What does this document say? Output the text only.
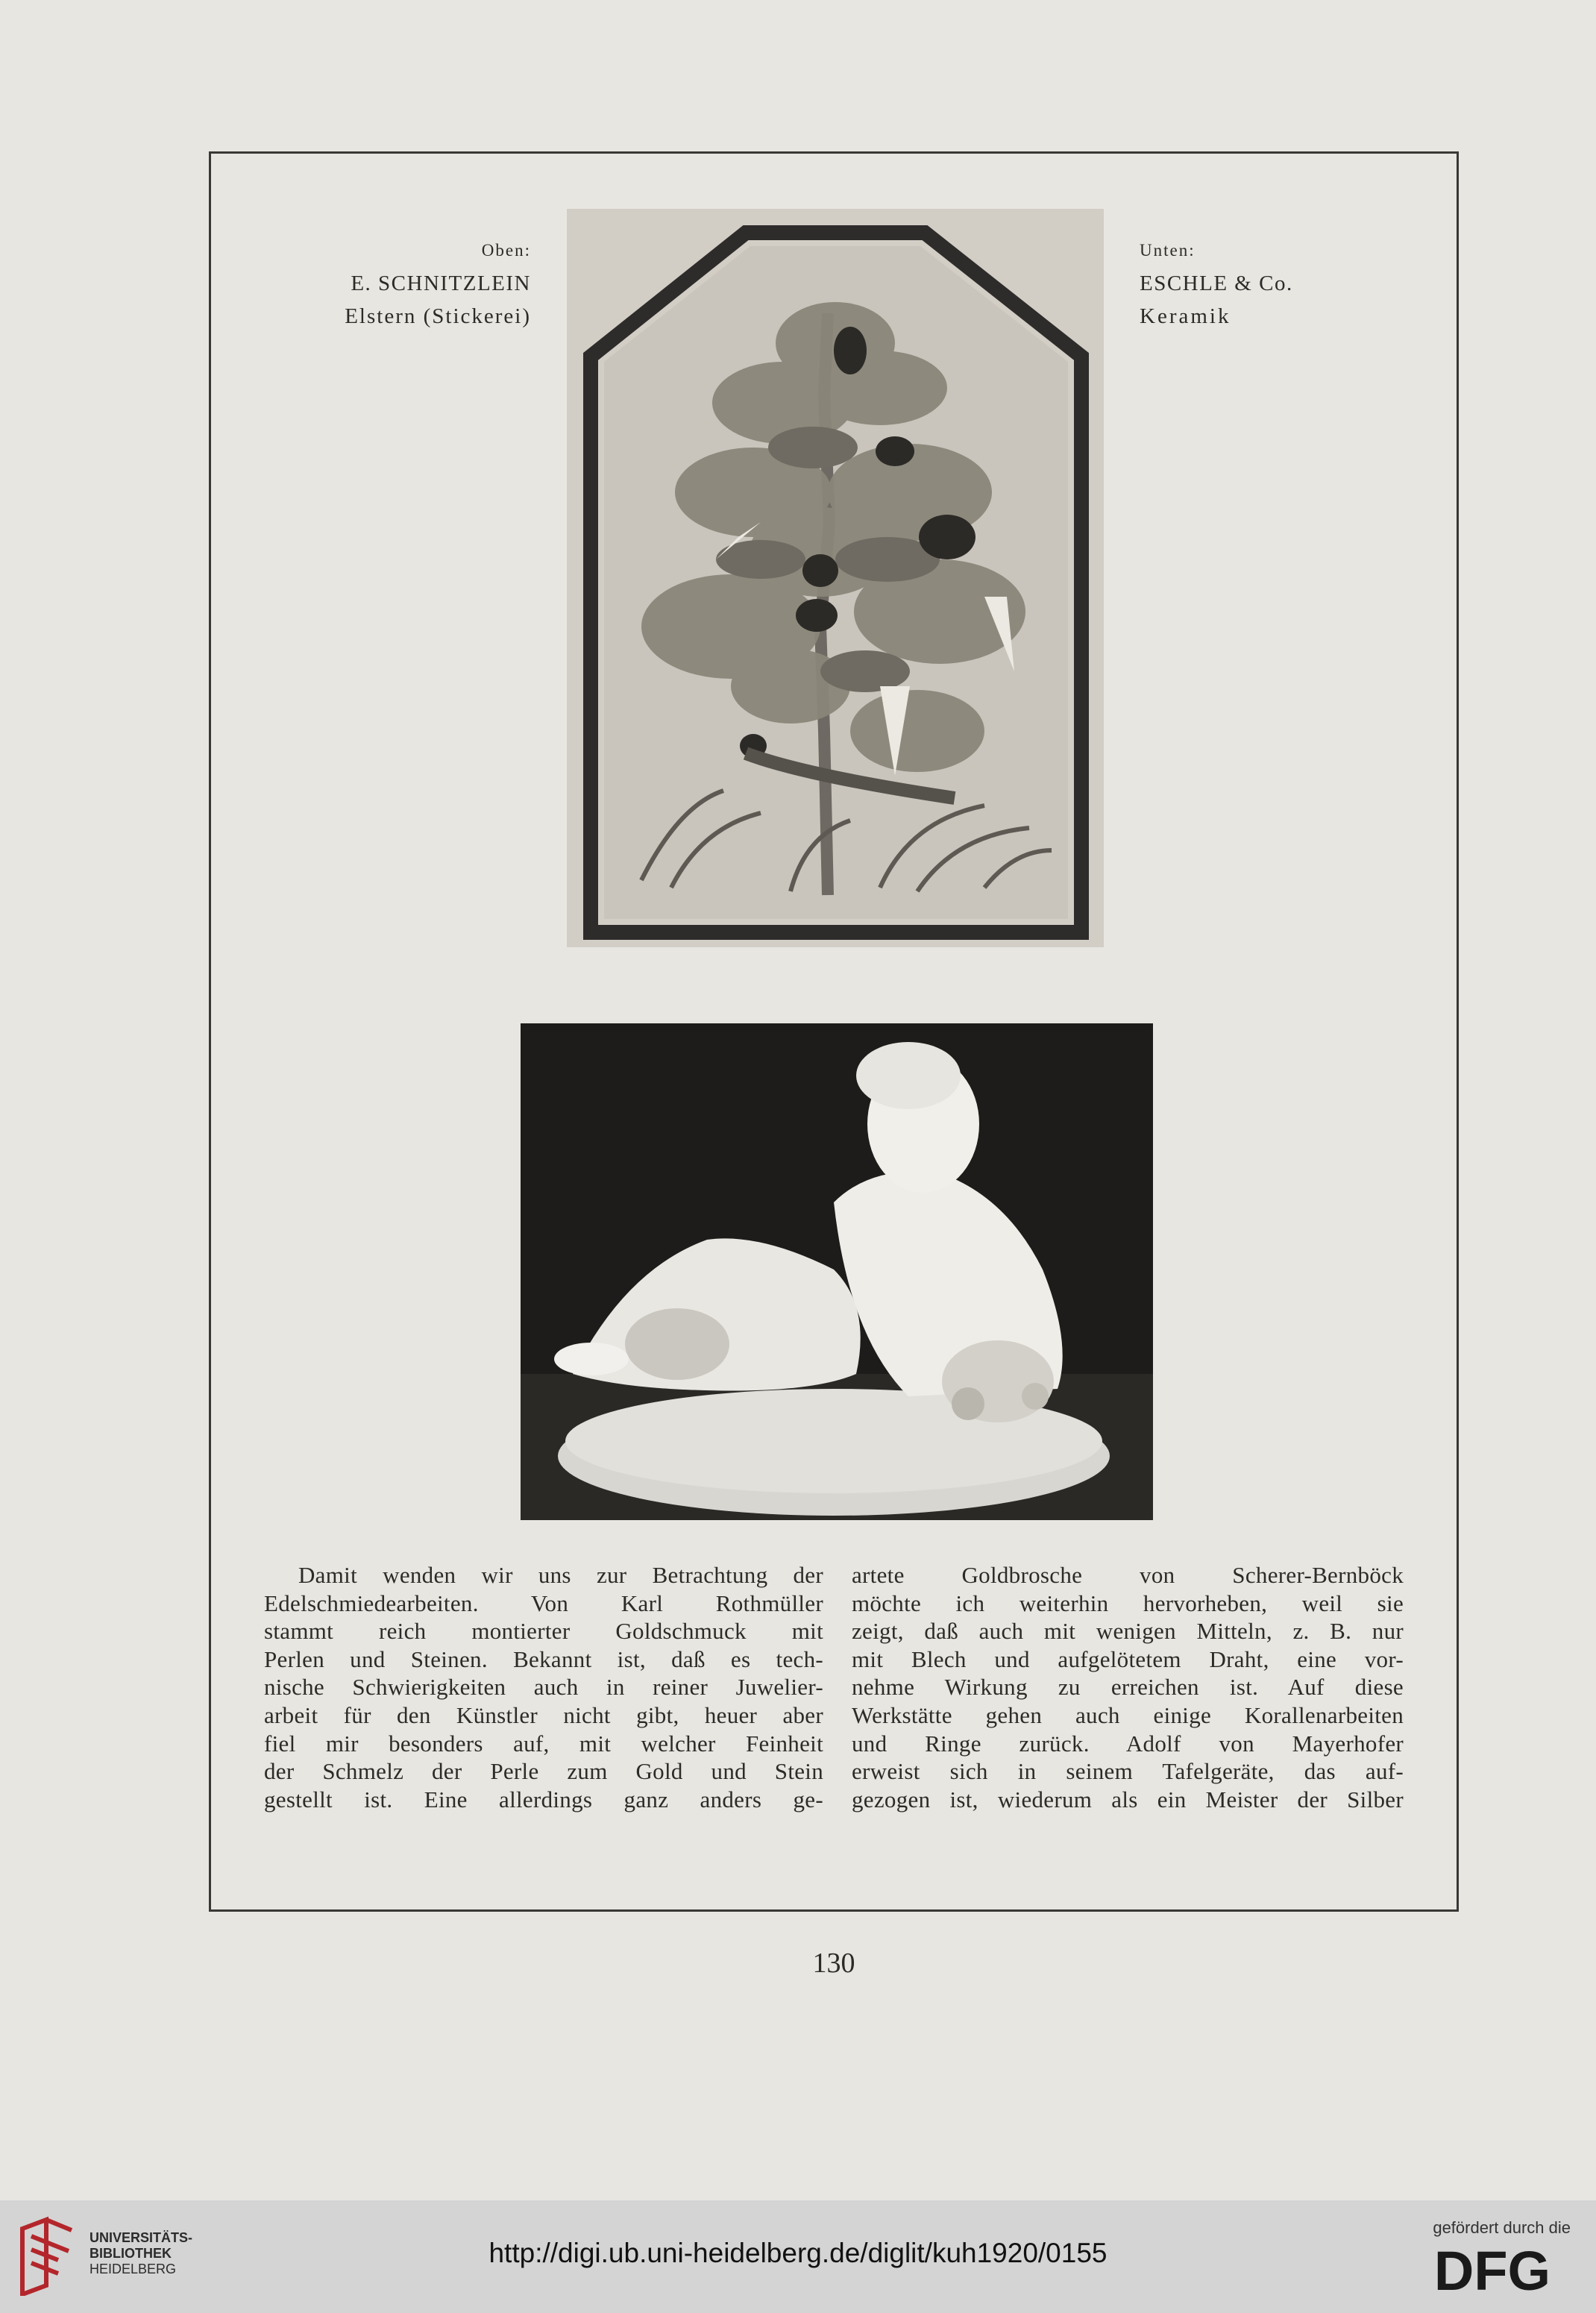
Oben:
E. SCHNITZLEIN
Elstern (Stickerei)
Unten:
ESCHLE & Co.
Keramik
Damit wenden wir uns zur Betrachtung der
Edelschmiedearbeiten. Von Karl Rothmüller
stammt reich montierter Goldschmuck mit
Perlen und Steinen. Bekannt ist, daß es tech-
nische Schwierigkeiten auch in reiner Juwelier-
arbeit für den Künstler nicht gibt, heuer aber
fiel mir besonders auf, mit welcher Feinheit
der Schmelz der Perle zum Gold und Stein
gestellt ist. Eine allerdings ganz anders ge-
artete Goldbrosche von Scherer-Bernböck
möchte ich weiterhin hervorheben, weil sie
zeigt, daß auch mit wenigen Mitteln, z. B. nur
mit Blech und aufgelötetem Draht, eine vor-
nehme Wirkung zu erreichen ist. Auf diese
Werkstätte gehen auch einige Korallenarbeiten
und Ringe zurück. Adolf von Mayerhofer
erweist sich in seinem Tafelgeräte, das auf-
gezogen ist, wiederum als ein Meister der Silber
130
UNIVERSITÄTS-
BIBLIOTHEK
HEIDELBERG
http://digi.ub.uni-heidelberg.de/diglit/kuh1920/0155
gefördert durch die
DFG
